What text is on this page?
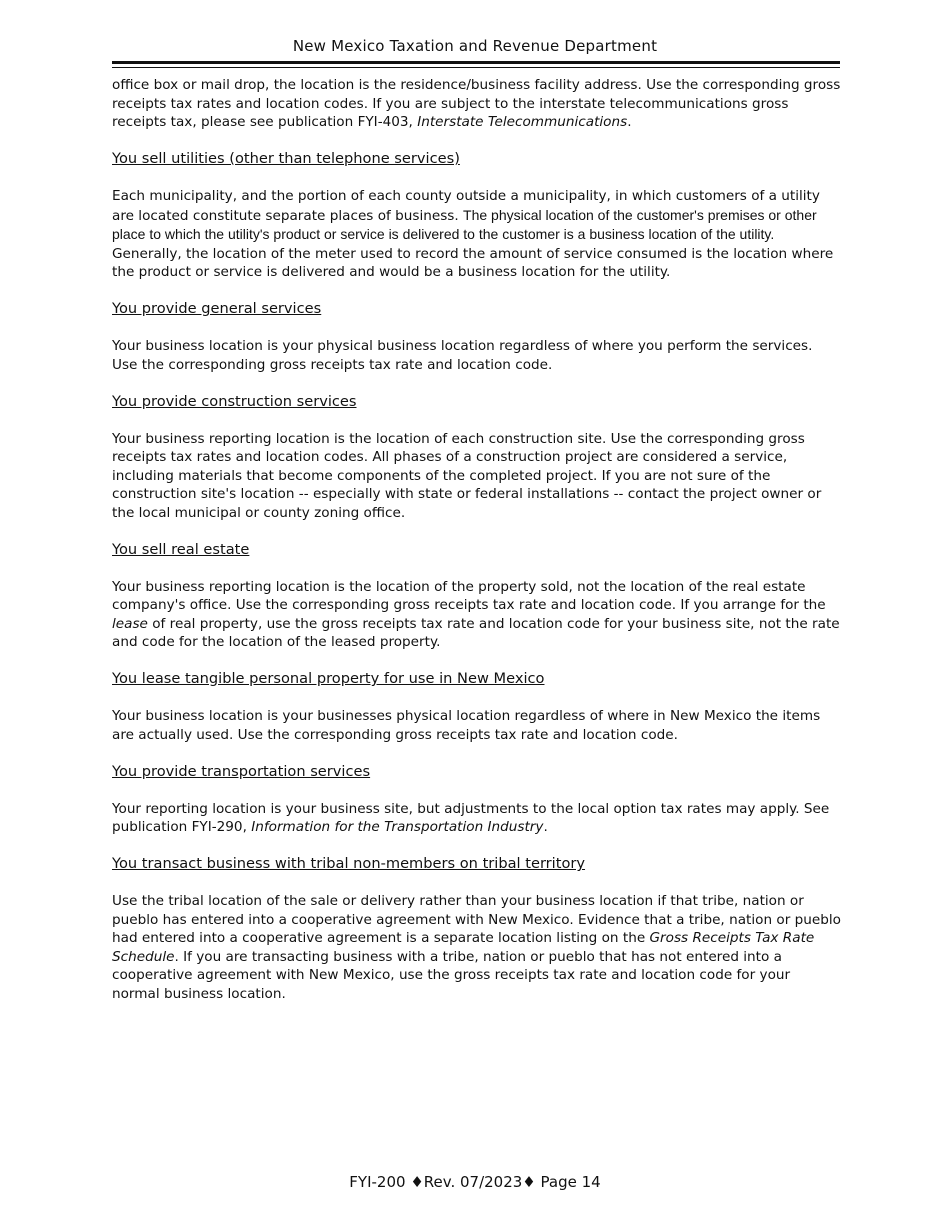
New Mexico Taxation and Revenue Department

office box or mail drop, the location is the residence/business facility address. Use the corresponding gross receipts tax rates and location codes. If you are subject to the interstate telecommunications gross receipts tax, please see publication FYI-403, Interstate Telecommunications.

You sell utilities (other than telephone services)

Each municipality, and the portion of each county outside a municipality, in which customers of a utility are located constitute separate places of business. The physical location of the customer's premises or other place to which the utility's product or service is delivered to the customer is a business location of the utility. Generally, the location of the meter used to record the amount of service consumed is the location where the product or service is delivered and would be a business location for the utility.

You provide general services

Your business location is your physical business location regardless of where you perform the services. Use the corresponding gross receipts tax rate and location code.

You provide construction services

Your business reporting location is the location of each construction site. Use the corresponding gross receipts tax rates and location codes. All phases of a construction project are considered a service, including materials that become components of the completed project. If you are not sure of the construction site's location -- especially with state or federal installations -- contact the project owner or the local municipal or county zoning office.

You sell real estate

Your business reporting location is the location of the property sold, not the location of the real estate company's office. Use the corresponding gross receipts tax rate and location code. If you arrange for the lease of real property, use the gross receipts tax rate and location code for your business site, not the rate and code for the location of the leased property.

You lease tangible personal property for use in New Mexico

Your business location is your businesses physical location regardless of where in New Mexico the items are actually used. Use the corresponding gross receipts tax rate and location code.

You provide transportation services

Your reporting location is your business site, but adjustments to the local option tax rates may apply. See publication FYI-290, Information for the Transportation Industry.

You transact business with tribal non-members on tribal territory

Use the tribal location of the sale or delivery rather than your business location if that tribe, nation or pueblo has entered into a cooperative agreement with New Mexico. Evidence that a tribe, nation or pueblo had entered into a cooperative agreement is a separate location listing on the Gross Receipts Tax Rate Schedule. If you are transacting business with a tribe, nation or pueblo that has not entered into a cooperative agreement with New Mexico, use the gross receipts tax rate and location code for your normal business location.

FYI-200 ♦Rev. 07/2023♦ Page 14
